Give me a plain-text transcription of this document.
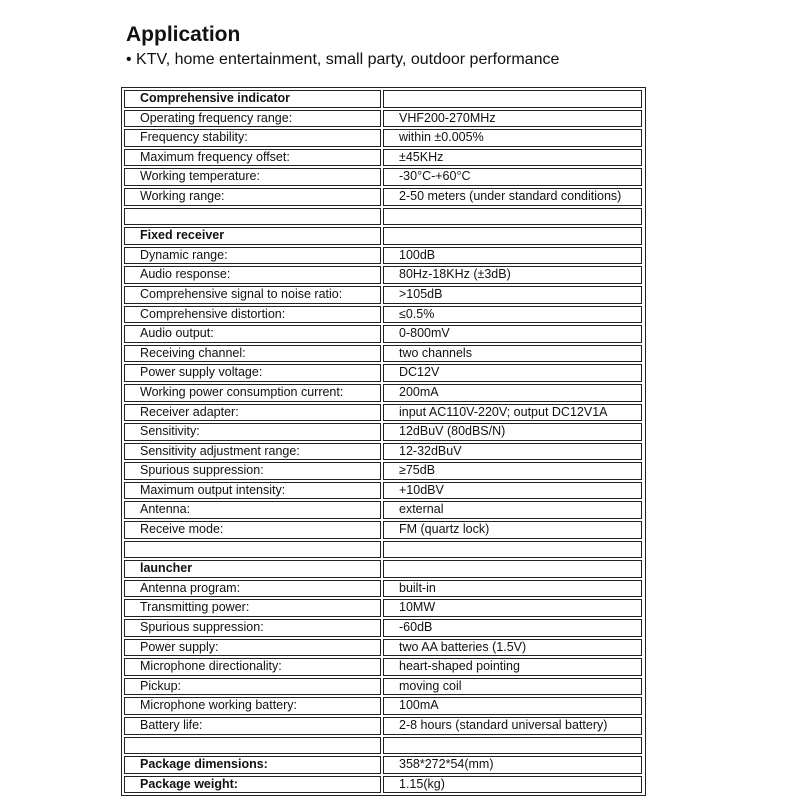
Application

• KTV, home entertainment, small party, outdoor performance

Comprehensive indicator
Operating frequency range:	VHF200-270MHz
Frequency stability:	within ±0.005%
Maximum frequency offset:	±45KHz
Working temperature:	-30°C-+60°C
Working range:	2-50 meters (under standard conditions)
Fixed receiver
Dynamic range:	100dB
Audio response:	80Hz-18KHz (±3dB)
Comprehensive signal to noise ratio:	>105dB
Comprehensive distortion:	≤0.5%
Audio output:	0-800mV
Receiving channel:	two channels
Power supply voltage:	DC12V
Working power consumption current:	200mA
Receiver adapter:	input AC110V-220V; output DC12V1A
Sensitivity:	12dBuV (80dBS/N)
Sensitivity adjustment range:	12-32dBuV
Spurious suppression:	≥75dB
Maximum output intensity:	+10dBV
Antenna:	external
Receive mode:	FM (quartz lock)
launcher
Antenna program:	built-in
Transmitting power:	10MW
Spurious suppression:	-60dB
Power supply:	two AA batteries (1.5V)
Microphone directionality:	heart-shaped pointing
Pickup:	moving coil
Microphone working battery:	100mA
Battery life:	2-8 hours (standard universal battery)
Package dimensions:	358*272*54(mm)
Package weight:	1.15(kg)
